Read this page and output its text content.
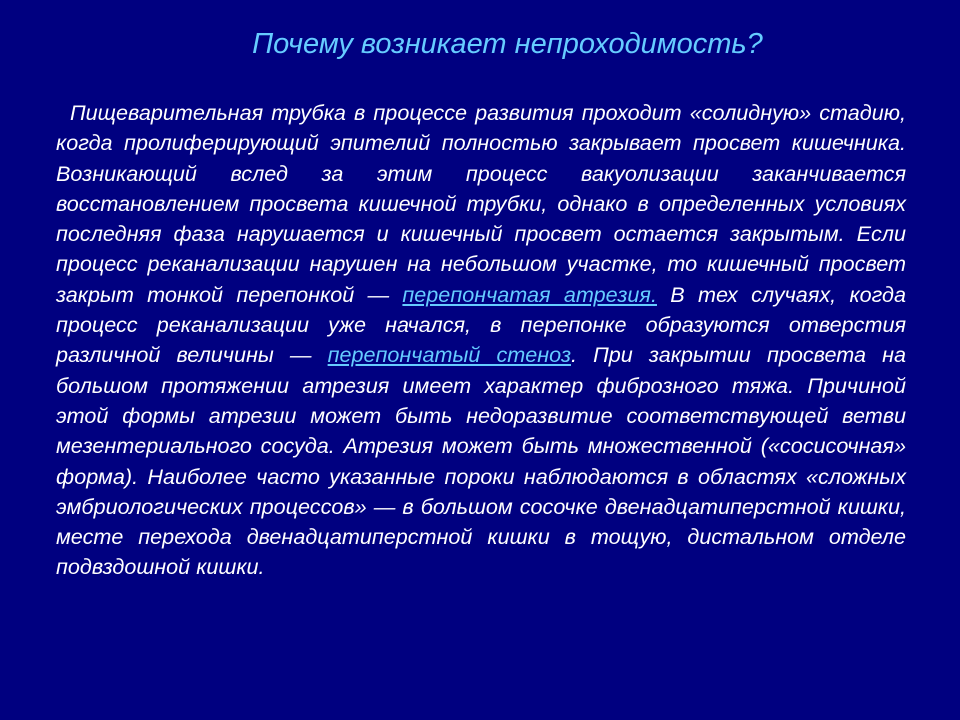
Почему возникает непроходимость?

Пищеварительная трубка в процессе развития проходит «солидную» стадию, когда пролиферирующий эпителий полностью закрывает просвет кишечника. Возникающий вслед за этим процесс вакуолизации заканчивается восстановлением просвета кишечной трубки, однако в определенных условиях последняя фаза нарушается и кишечный просвет остается закрытым. Если процесс реканализации нарушен на небольшом участке, то кишечный просвет закрыт тонкой перепонкой — перепончатая атрезия. В тех случаях, когда процесс реканализации уже начался, в перепонке образуются отверстия различной величины — перепончатый стеноз. При закрытии просвета на большом протяжении атрезия имеет характер фиброзного тяжа. Причиной этой формы атрезии может быть недоразвитие соответствующей ветви мезентериального сосуда. Атрезия может быть множественной («сосисочная» форма). Наиболее часто указанные пороки наблюдаются в областях «сложных эмбриологических процессов» — в большом сосочке двенадцатиперстной кишки, месте перехода двенадцатиперстной кишки в тощую, дистальном отделе подвздошной кишки.
